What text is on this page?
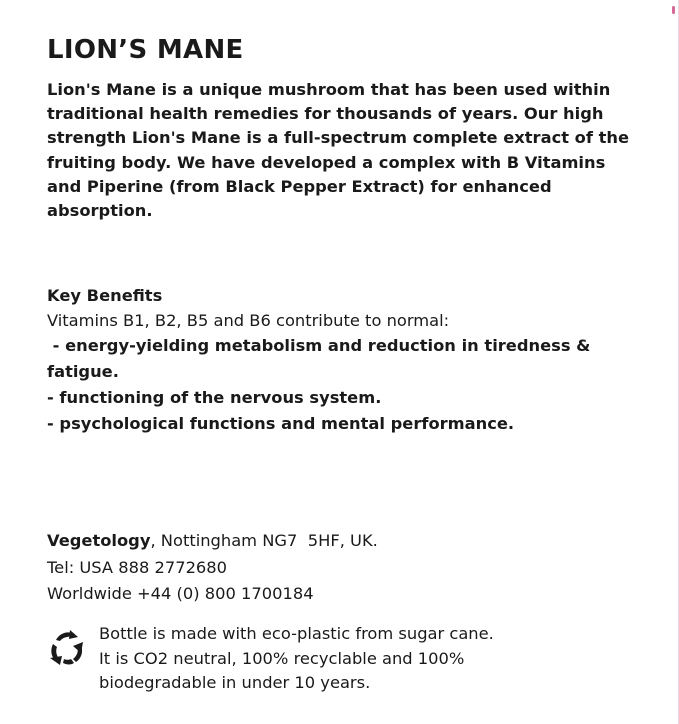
LION’S MANE

Lion's Mane is a unique mushroom that has been used within
traditional health remedies for thousands of years. Our high
strength Lion's Mane is a full-spectrum complete extract of the
fruiting body. We have developed a complex with B Vitamins
and Piperine (from Black Pepper Extract) for enhanced
absorption.

Key Benefits
Vitamins B1, B2, B5 and B6 contribute to normal:
- energy-yielding metabolism and reduction in tiredness &
fatigue.
- functioning of the nervous system.
- psychological functions and mental performance.
Vegetology, Nottingham NG7  5HF, UK.
Tel: USA 888 2772680
Worldwide +44 (0) 800 1700184
Bottle is made with eco-plastic from sugar cane.
It is CO2 neutral, 100% recyclable and 100%
biodegradable in under 10 years.
